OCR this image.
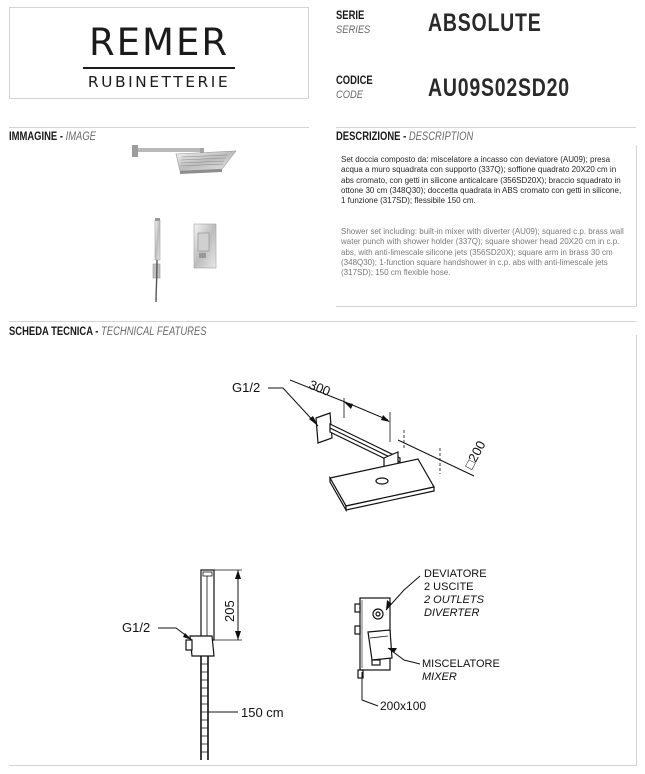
REMER
RUBINETTERIE
SERIE
SERIES ABSOLUTE
CODICE
CODE	AU09S02SD20
IMMAGINE - IMAGE	DESCRIZIONE - DESCRIPTION
Set doccia composto da: miscelatore a incasso con deviatore (AU09); presa acqua a muro squadrata con supporto (337Q); soffione quadrato 20X20 cm in abs cromato, con getti in silicone anticalcare (356SD20X); braccio squadrato in ottone 30 cm (348Q30); doccetta quadrata in ABS cromato con getti in silicone, 1 funzione (317SD); flessibile 150 cm.
Shower set including: built-in mixer with diverter (AU09); squared c.p. brass wall water punch with shower holder (337Q); square shower head 20X20 cm in c.p. abs, with anti-limescale silicone jets (356SD20X); square arm in brass 30 cm (348Q30); 1-function square handshower in c.p. abs with anti-limescale jets (317SD); 150 cm flexible hose.
SCHEDA TECNICA - TECHNICAL FEATURES
G1/2	300
□200
G1/2
205
150 cm
DEVIATORE
2 USCITE
2 OUTLETS
DIVERTER
MISCELATORE
MIXER
200x100
